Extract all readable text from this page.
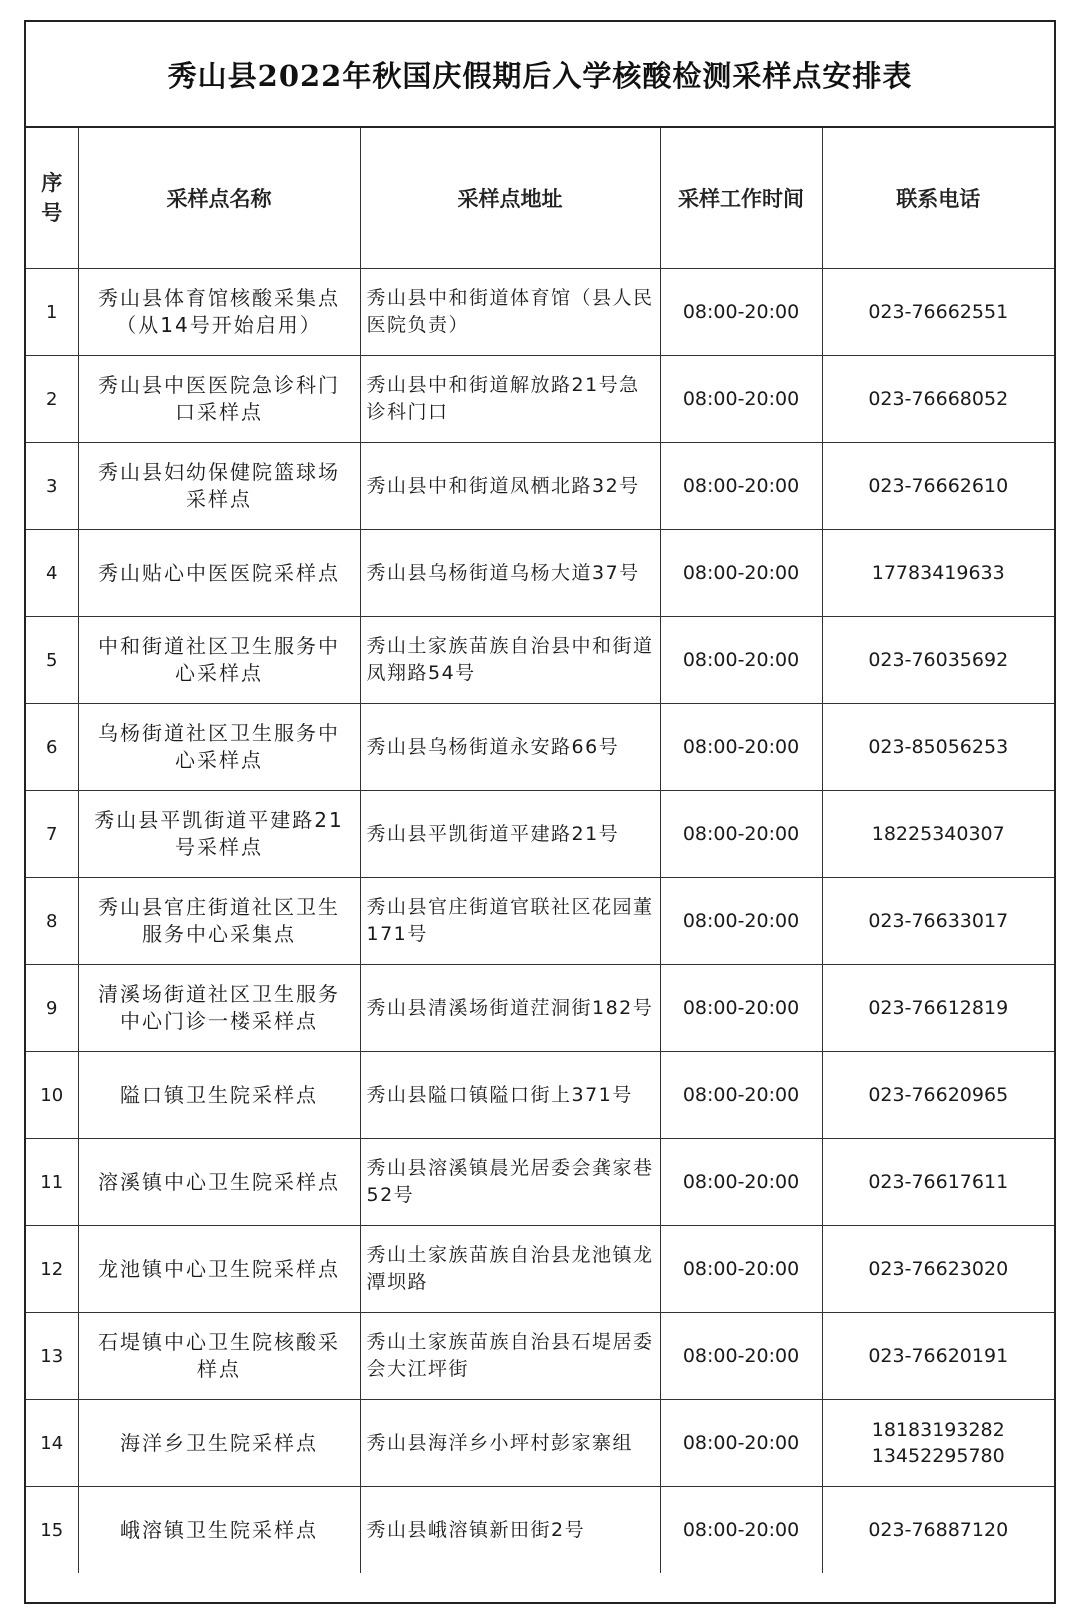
秀山县2022年秋国庆假期后入学核酸检测采样点安排表
序
号	采样点名称	采样点地址	采样工作时间	联系电话
1	秀山县体育馆核酸采集点（从14号开始启用）	秀山县中和街道体育馆（县人民医院负责）	08:00-20:00	023-76662551
2	秀山县中医医院急诊科门口采样点	秀山县中和街道解放路21号急诊科门口	08:00-20:00	023-76668052
3	秀山县妇幼保健院篮球场采样点	秀山县中和街道凤栖北路32号	08:00-20:00	023-76662610
4	秀山贴心中医医院采样点	秀山县乌杨街道乌杨大道37号	08:00-20:00	17783419633
5	中和街道社区卫生服务中心采样点	秀山土家族苗族自治县中和街道凤翔路54号	08:00-20:00	023-76035692
6	乌杨街道社区卫生服务中心采样点	秀山县乌杨街道永安路66号	08:00-20:00	023-85056253
7	秀山县平凯街道平建路21号采样点	秀山县平凯街道平建路21号	08:00-20:00	18225340307
8	秀山县官庄街道社区卫生服务中心采集点	秀山县官庄街道官联社区花园董171号	08:00-20:00	023-76633017
9	清溪场街道社区卫生服务中心门诊一楼采样点	秀山县清溪场街道茳洞街182号	08:00-20:00	023-76612819
10	隘口镇卫生院采样点	秀山县隘口镇隘口街上371号	08:00-20:00	023-76620965
11	溶溪镇中心卫生院采样点	秀山县溶溪镇晨光居委会龚家巷52号	08:00-20:00	023-76617611
12	龙池镇中心卫生院采样点	秀山土家族苗族自治县龙池镇龙潭坝路	08:00-20:00	023-76623020
13	石堤镇中心卫生院核酸采样点	秀山土家族苗族自治县石堤居委会大江坪街	08:00-20:00	023-76620191
14	海洋乡卫生院采样点	秀山县海洋乡小坪村彭家寨组	08:00-20:00	18183193282
13452295780
15	峨溶镇卫生院采样点	秀山县峨溶镇新田街2号	08:00-20:00	023-76887120
